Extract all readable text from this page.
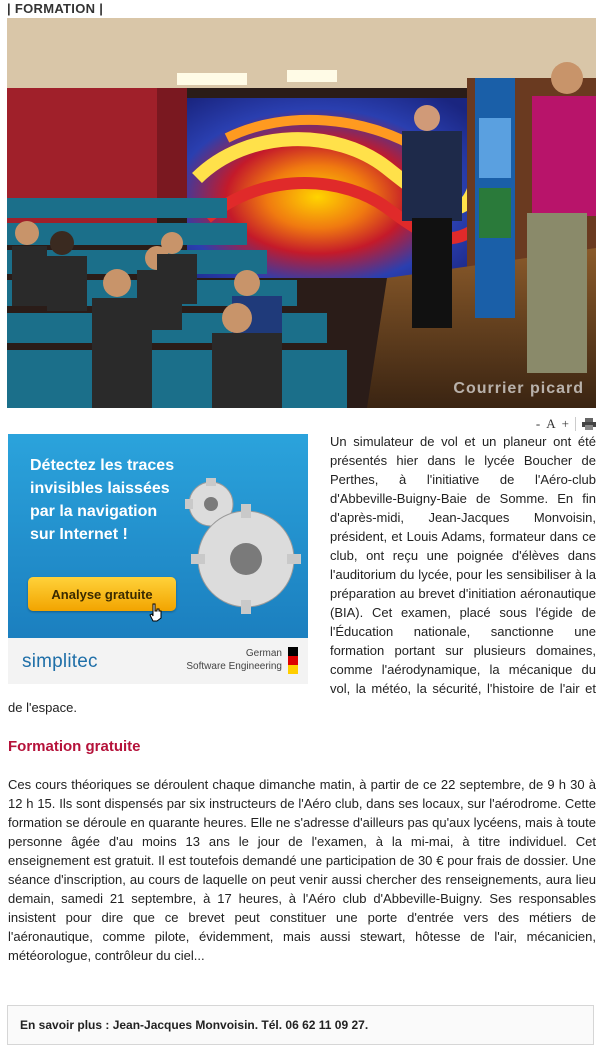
| FORMATION |
Courrier picard
- A +
Un simulateur de vol et un planeur ont été présentés hier dans le lycée Boucher de Perthes, à l'initiative de l'Aéro-club d'Abbeville-Buigny-Baie de Somme. En fin d'après-midi, Jean-Jacques Monvoisin, président, et Louis Adams, formateur dans ce club, ont reçu une poignée d'élèves dans l'auditorium du lycée, pour les sensibiliser à la préparation au brevet d'initiation aéronautique (BIA). Cet examen, placé sous l'égide de l'Éducation nationale, sanctionne une formation portant sur plusieurs domaines, comme l'aérodynamique, la mécanique du vol, la météo, la sécurité, l'histoire de l'air et de l'espace.
Détectez les traces invisibles laissées par la navigation sur Internet !
Analyse gratuite
simplitec	German
Software Engineering
Formation gratuite
Ces cours théoriques se déroulent chaque dimanche matin, à partir de ce 22 septembre, de 9 h 30 à 12 h 15. Ils sont dispensés par six instructeurs de l'Aéro club, dans ses locaux, sur l'aérodrome. Cette formation se déroule en quarante heures. Elle ne s'adresse d'ailleurs pas qu'aux lycéens, mais à toute personne âgée d'au moins 13 ans le jour de l'examen, à la mi-mai, à titre individuel. Cet enseignement est gratuit. Il est toutefois demandé une participation de 30 € pour frais de dossier. Une séance d'inscription, au cours de laquelle on peut venir aussi chercher des renseignements, aura lieu demain, samedi 21 septembre, à 17 heures, à l'Aéro club d'Abbeville-Buigny. Ses responsables insistent pour dire que ce brevet peut constituer une porte d'entrée vers des métiers de l'aéronautique, comme pilote, évidemment, mais aussi stewart, hôtesse de l'air, mécanicien, météorologue, contrôleur du ciel...
En savoir plus : Jean-Jacques Monvoisin. Tél. 06 62 11 09 27.
